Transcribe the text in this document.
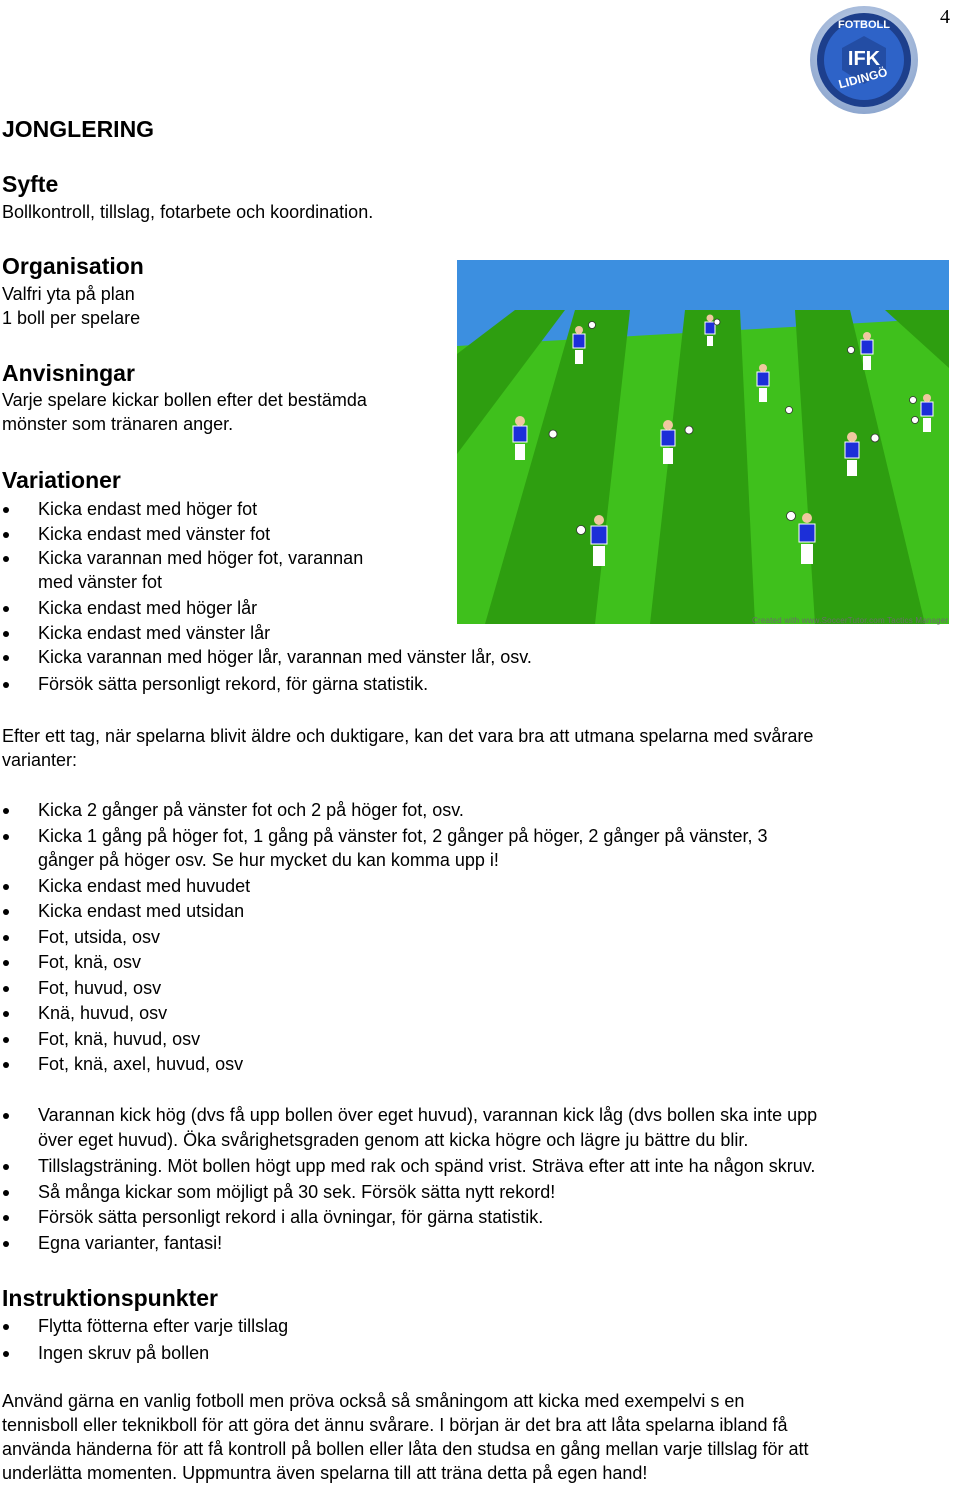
4
FOTBOLL
IFK
LIDINGÖ
JONGLERING
Syfte
Bollkontroll, tillslag, fotarbete och koordination.
Organisation
Valfri yta på plan
1 boll per spelare
Anvisningar
Varje spelare kickar bollen efter det bestämda
mönster som tränaren anger.
Variationer
Kicka endast med höger fot
Kicka endast med vänster fot
Kicka varannan med höger fot, varannan
med vänster fot
Kicka endast med höger lår
Kicka endast med vänster lår
Kicka varannan med höger lår, varannan med vänster lår, osv.
Försök sätta personligt rekord, för gärna statistik.
Created with www.SoccerTutor.com Tactics Manager
Efter ett tag, när spelarna blivit äldre och duktigare, kan det vara bra att utmana spelarna med svårare
varianter:
Kicka 2 gånger på vänster fot och 2 på höger fot, osv.
Kicka 1 gång på höger fot, 1 gång på vänster fot, 2 gånger på höger, 2 gånger på vänster, 3
gånger på höger osv. Se hur mycket du kan komma upp i!
Kicka endast med huvudet
Kicka endast med utsidan
Fot, utsida, osv
Fot, knä, osv
Fot, huvud, osv
Knä, huvud, osv
Fot, knä, huvud, osv
Fot, knä, axel, huvud, osv
Varannan kick hög (dvs få upp bollen över eget huvud), varannan kick låg (dvs bollen ska inte upp
över eget huvud). Öka svårighetsgraden genom att kicka högre och lägre ju bättre du blir.
Tillslagsträning. Möt bollen högt upp med rak och spänd vrist. Sträva efter att inte ha någon skruv.
Så många kickar som möjligt på 30 sek. Försök sätta nytt rekord!
Försök sätta personligt rekord i alla övningar, för gärna statistik.
Egna varianter, fantasi!
Instruktionspunkter
Flytta fötterna efter varje tillslag
Ingen skruv på bollen
Använd gärna en vanlig fotboll men pröva också så småningom att kicka med exempelvi s en
tennisboll eller teknikboll för att göra det ännu svårare. I början är det bra att låta spelarna ibland få
använda händerna för att få kontroll på bollen eller låta den studsa en gång mellan varje tillslag för att
underlätta momenten. Uppmuntra även spelarna till att träna detta på egen hand!
